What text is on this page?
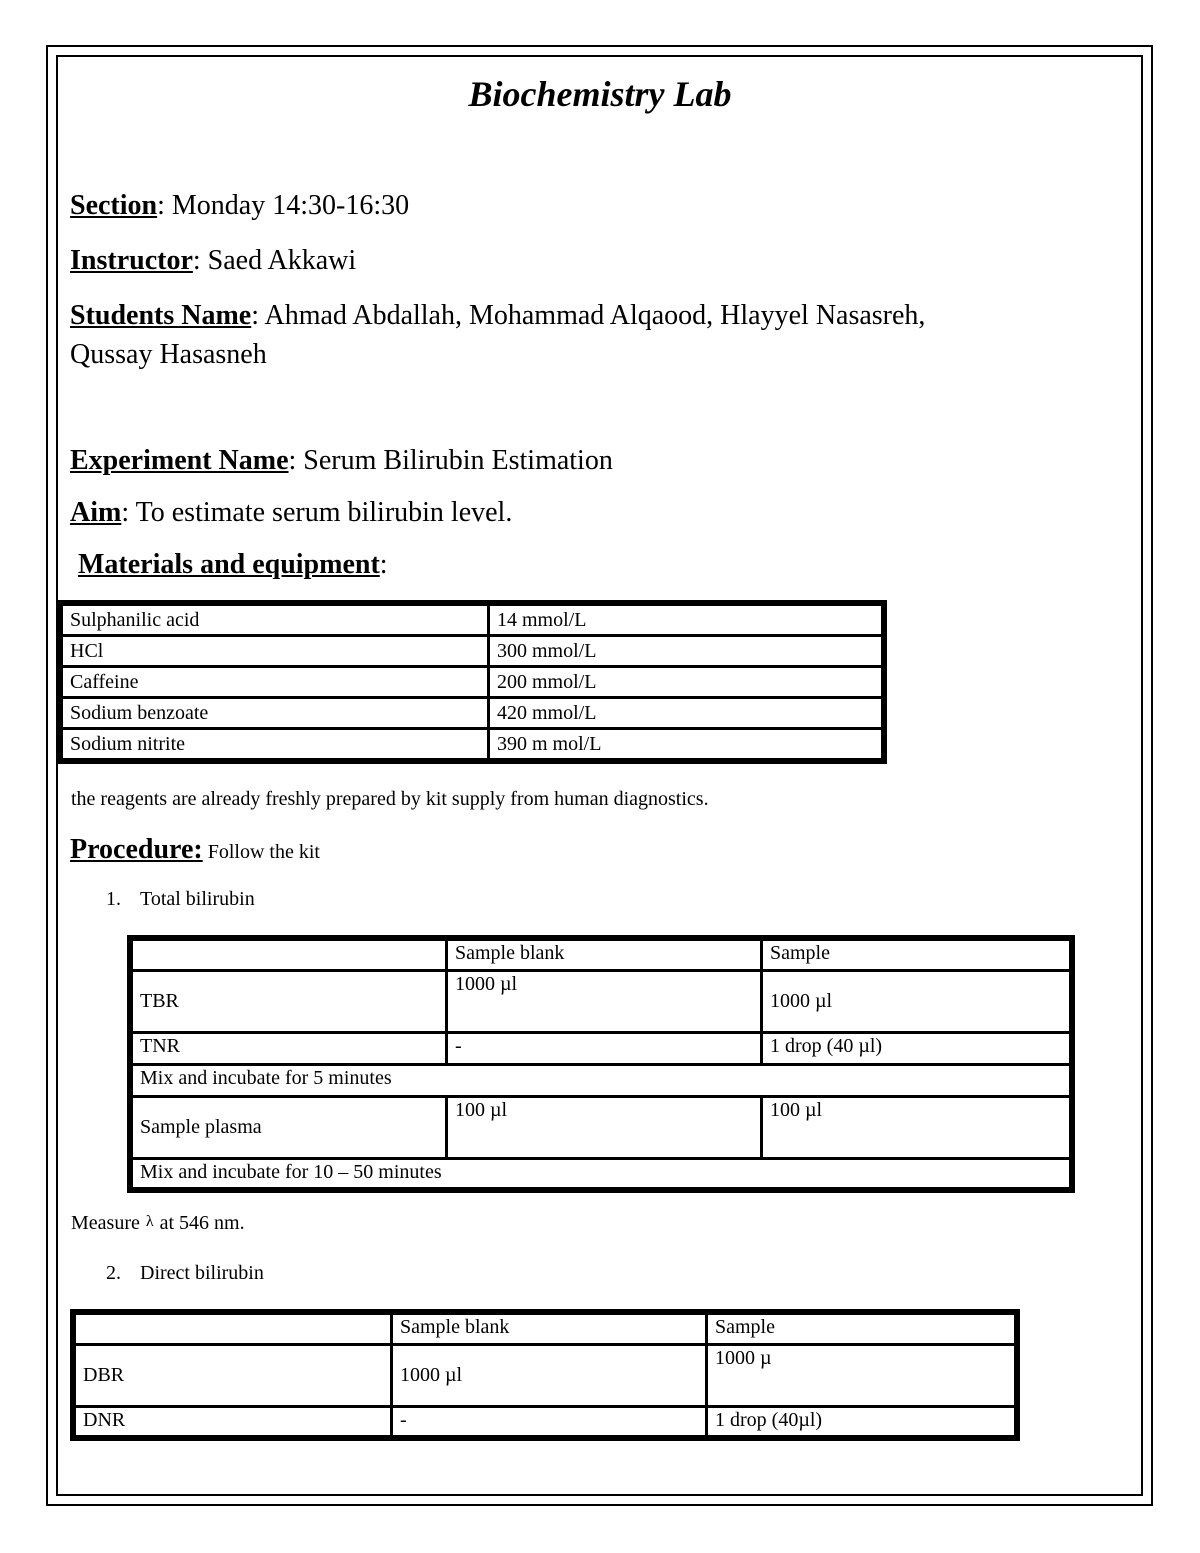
Biochemistry Lab
Section: Monday 14:30-16:30
Instructor: Saed Akkawi
Students Name: Ahmad Abdallah, Mohammad Alqaood, Hlayyel Nasasreh,
Qussay Hasasneh
Experiment Name: Serum Bilirubin Estimation
Aim: To estimate serum bilirubin level.
Materials and equipment:
Sulphanilic acid	14 mmol/L
HCl	300 mmol/L
Caffeine	200 mmol/L
Sodium benzoate	420 mmol/L
Sodium nitrite	390 m mol/L
the reagents are already freshly prepared by kit supply from human diagnostics.
Procedure: Follow the kit
1. Total bilirubin
	Sample blank	Sample
TBR	1000 µl	1000 µl
TNR	-	1 drop (40 µl)
Mix and incubate for 5 minutes		
Sample plasma	100 µl	100 µl
Mix and incubate for 10 – 50 minutes		
Measure λ at 546 nm.
2. Direct bilirubin
	Sample blank	Sample
DBR	1000 µl	1000 µ
DNR	-	1 drop (40µl)
